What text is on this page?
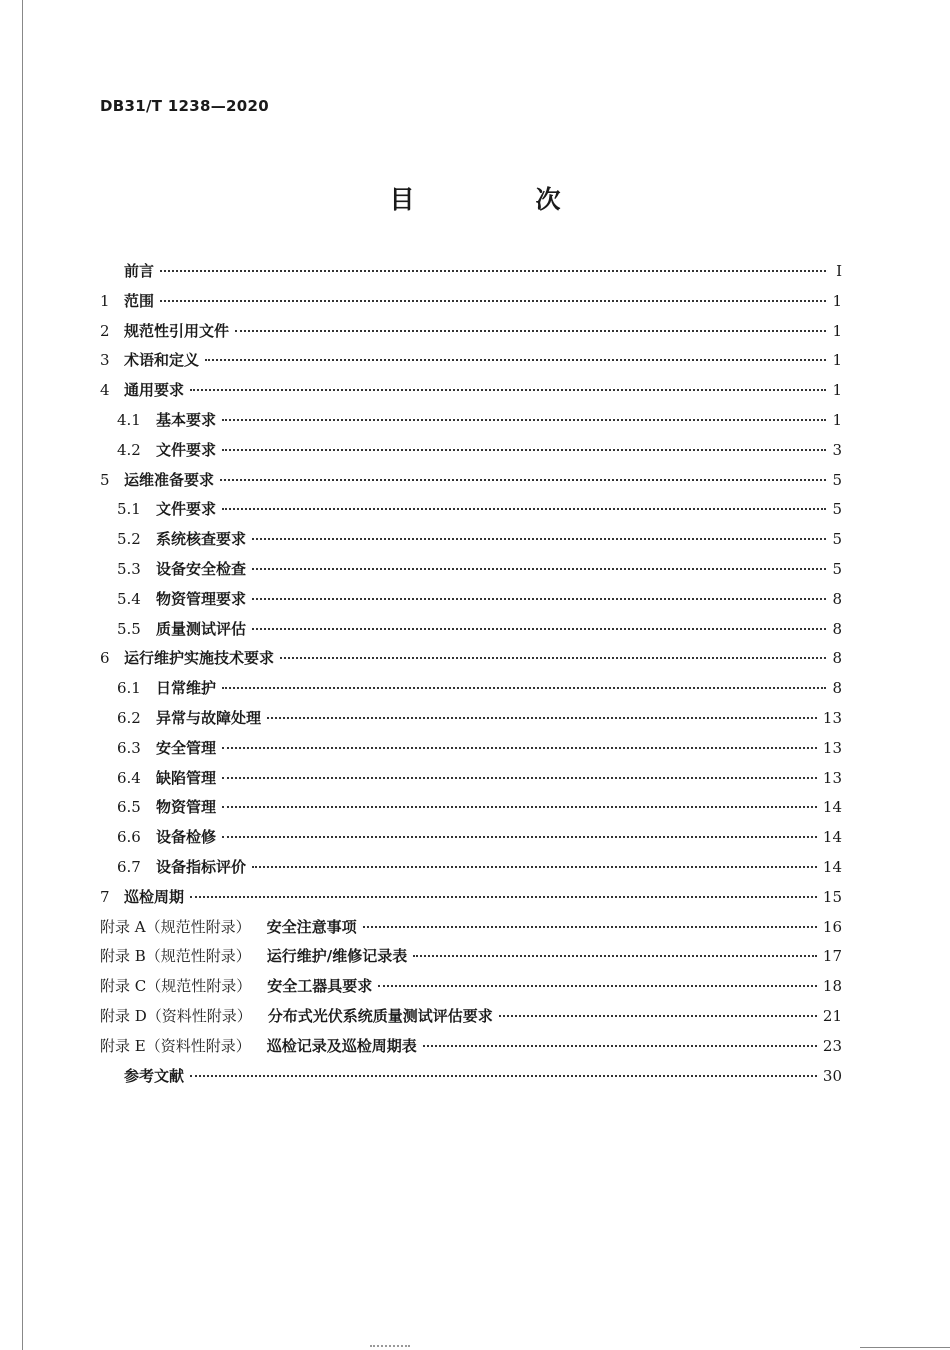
DB31/T 1238—2020
目　次
前言	Ⅰ
1 范围	1
2 规范性引用文件	1
3 术语和定义	1
4 通用要求	1
4.1	基本要求	1
4.2	文件要求	3
5 运维准备要求	5
5.1	文件要求	5
5.2	系统核查要求	5
5.3	设备安全检查	5
5.4	物资管理要求	8
5.5	质量测试评估	8
6 运行维护实施技术要求	8
6.1	日常维护	8
6.2	异常与故障处理	13
6.3	安全管理	13
6.4	缺陷管理	13
6.5	物资管理	14
6.6	设备检修	14
6.7	设备指标评价	14
7 巡检周期	15
附录 A（规范性附录） 安全注意事项	16
附录 B（规范性附录） 运行维护/维修记录表	17
附录 C（规范性附录） 安全工器具要求	18
附录 D（资料性附录） 分布式光伏系统质量测试评估要求	21
附录 E（资料性附录） 巡检记录及巡检周期表	23
参考文献	30
